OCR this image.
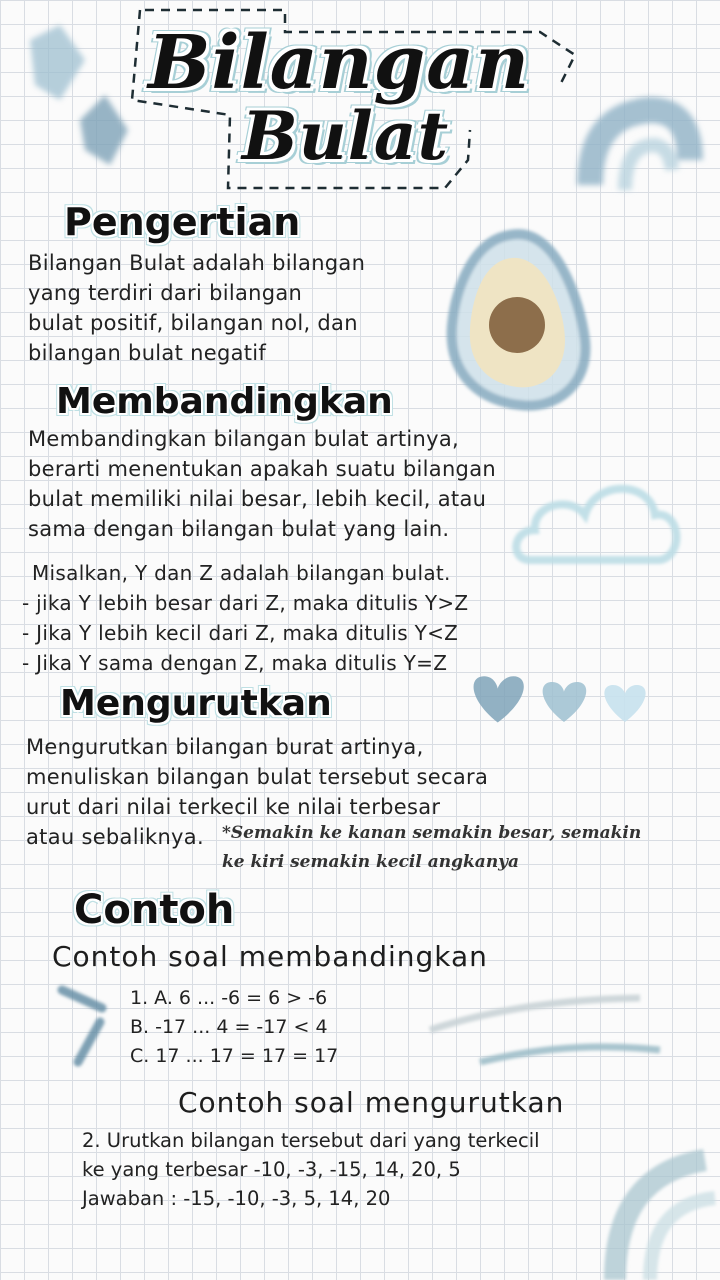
Bilangan
Bulat
Pengertian
Bilangan Bulat adalah bilangan
yang terdiri dari bilangan
bulat positif, bilangan nol, dan
bilangan bulat negatif
Membandingkan
Membandingkan bilangan bulat artinya,
berarti menentukan apakah suatu bilangan
bulat memiliki nilai besar, lebih kecil, atau
sama dengan bilangan bulat yang lain.
Misalkan, Y dan Z adalah bilangan bulat.
- jika Y lebih besar dari Z, maka ditulis Y>Z
- Jika Y lebih kecil dari Z, maka ditulis Y<Z
- Jika Y sama dengan Z, maka ditulis Y=Z
Mengurutkan
Mengurutkan bilangan burat artinya,
menuliskan bilangan bulat tersebut secara
urut dari nilai terkecil ke nilai terbesar
atau sebaliknya.	*Semakin ke kanan semakin besar, semakin
ke kiri semakin kecil angkanya
Contoh
Contoh soal membandingkan
1. A. 6 ... -6 = 6 > -6
B. -17 ... 4 = -17 < 4
C. 17 ... 17 = 17 = 17
Contoh soal mengurutkan
2. Urutkan bilangan tersebut dari yang terkecil
ke yang terbesar -10, -3, -15, 14, 20, 5
Jawaban : -15, -10, -3, 5, 14, 20
